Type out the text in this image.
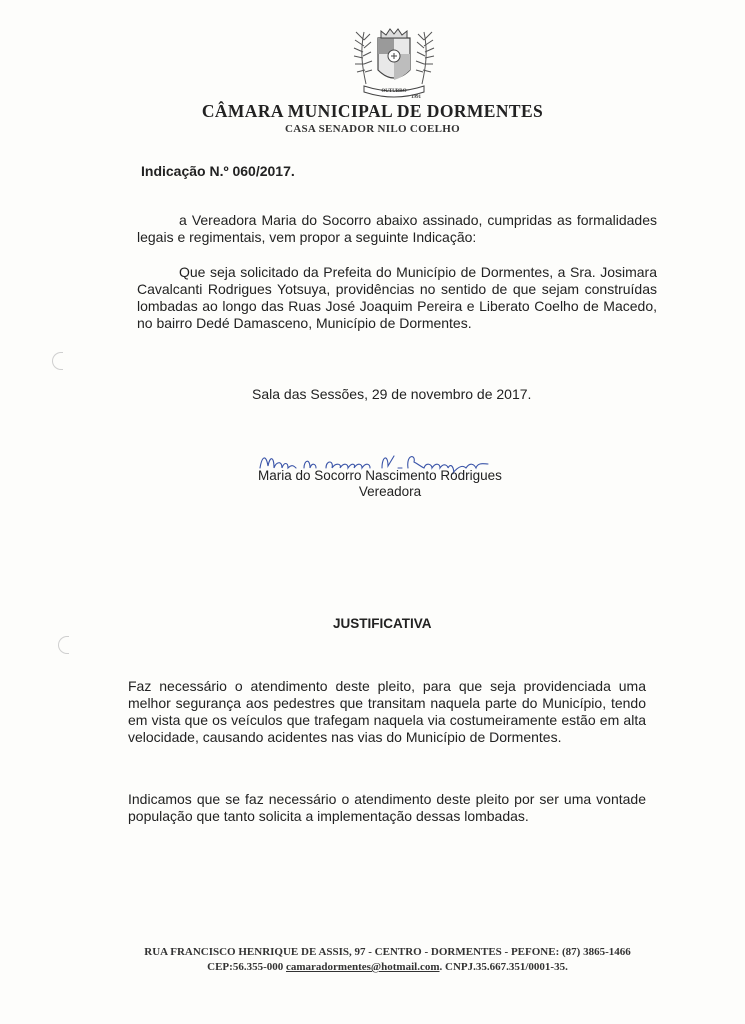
OUTUBRO
1991
CÂMARA MUNICIPAL DE DORMENTES
CASA SENADOR NILO COELHO
Indicação N.º 060/2017.
a Vereadora Maria do Socorro abaixo assinado, cumpridas as formalidades legais e regimentais, vem propor a seguinte Indicação:
Que seja solicitado da Prefeita do Município de Dormentes, a Sra. Josimara Cavalcanti Rodrigues Yotsuya, providências no sentido de que sejam construídas lombadas ao longo das Ruas José Joaquim Pereira e Liberato Coelho de Macedo, no bairro Dedé Damasceno, Município de Dormentes.
Sala das Sessões, 29 de novembro de 2017.
Maria do Socorro Nascimento Rodrigues
Vereadora
JUSTIFICATIVA
Faz necessário o atendimento deste pleito, para que seja providenciada uma melhor segurança aos pedestres que transitam naquela parte do Município, tendo em vista que os veículos que trafegam naquela via costumeiramente estão em alta velocidade, causando acidentes nas vias do Município de Dormentes.
Indicamos que se faz necessário o atendimento deste pleito por ser uma vontade população que tanto solicita a implementação dessas lombadas.
RUA FRANCISCO HENRIQUE DE ASSIS, 97 - CENTRO - DORMENTES - PEFONE: (87) 3865-1466
CEP:56.355-000 camaradormentes@hotmail.com. CNPJ.35.667.351/0001-35.
